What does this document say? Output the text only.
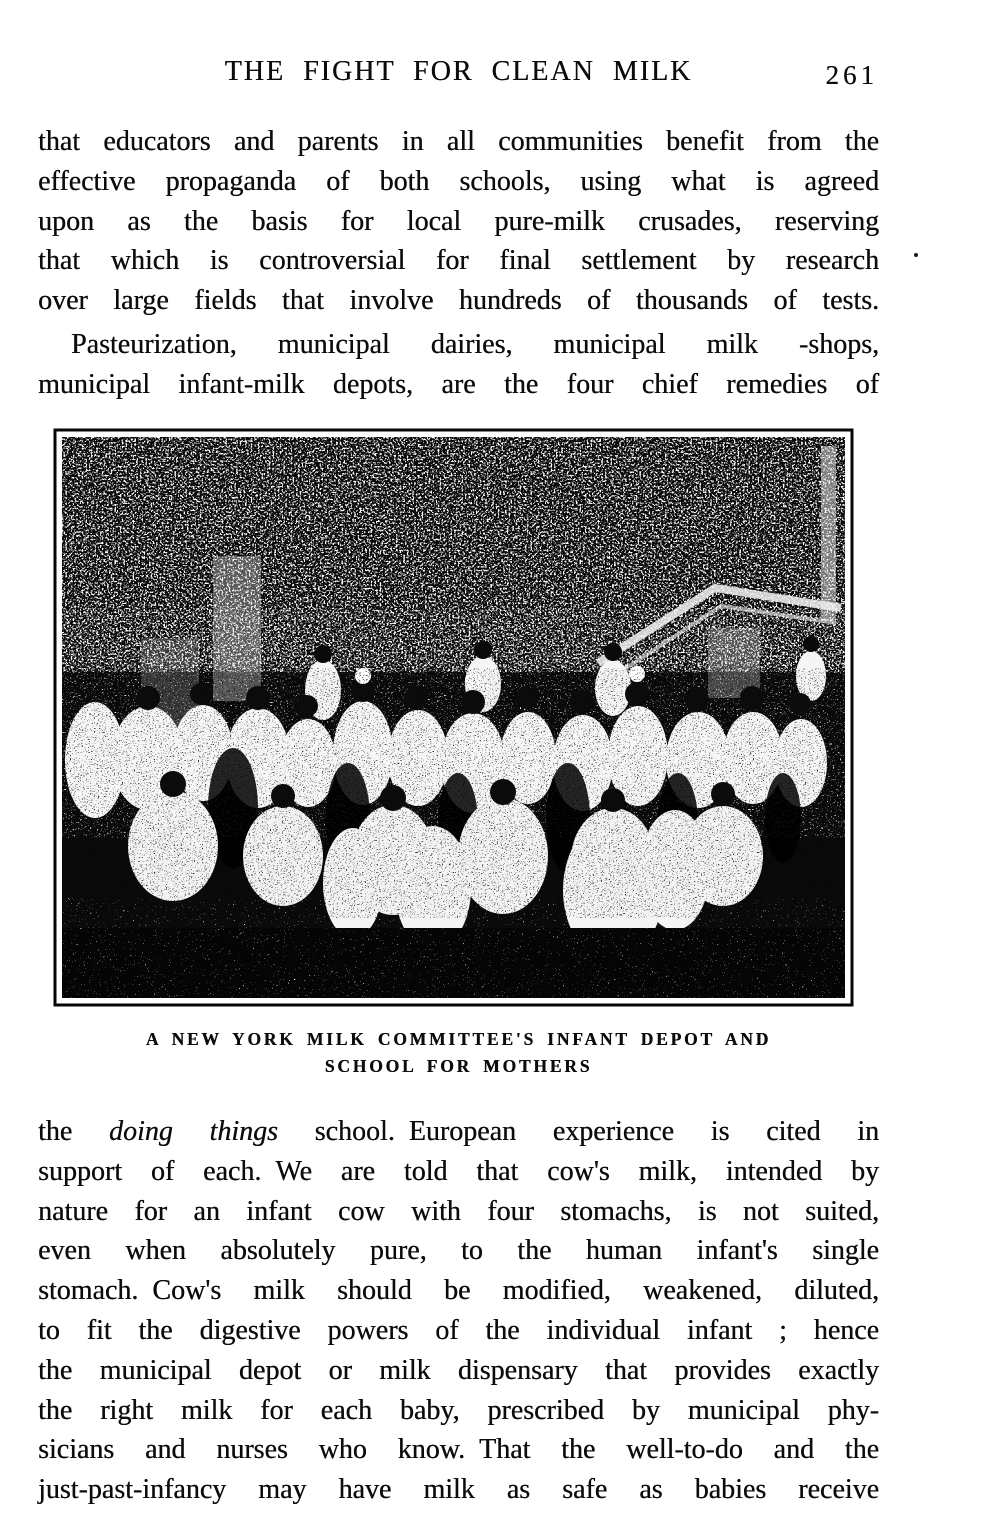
THE FIGHT FOR CLEAN MILK	261
that educators and parents in all communities benefit from the
effective propaganda of both schools, using what is agreed
upon as the basis for local pure-milk crusades, reserving
that which is controversial for final settlement by research
over large fields that involve hundreds of thousands of tests.
Pasteurization, municipal dairies, municipal milk -shops,
municipal infant-milk depots, are the four chief remedies of
A NEW YORK MILK COMMITTEE'S INFANT DEPOT AND
SCHOOL FOR MOTHERS
the doing things school. European experience is cited in
support of each. We are told that cow's milk, intended by
nature for an infant cow with four stomachs, is not suited,
even when absolutely pure, to the human infant's single
stomach. Cow's milk should be modified, weakened, diluted,
to fit the digestive powers of the individual infant ; hence
the municipal depot or milk dispensary that provides exactly
the right milk for each baby, prescribed by municipal phy-
sicians and nurses who know. That the well-to-do and the
just-past-infancy may have milk as safe as babies receive
